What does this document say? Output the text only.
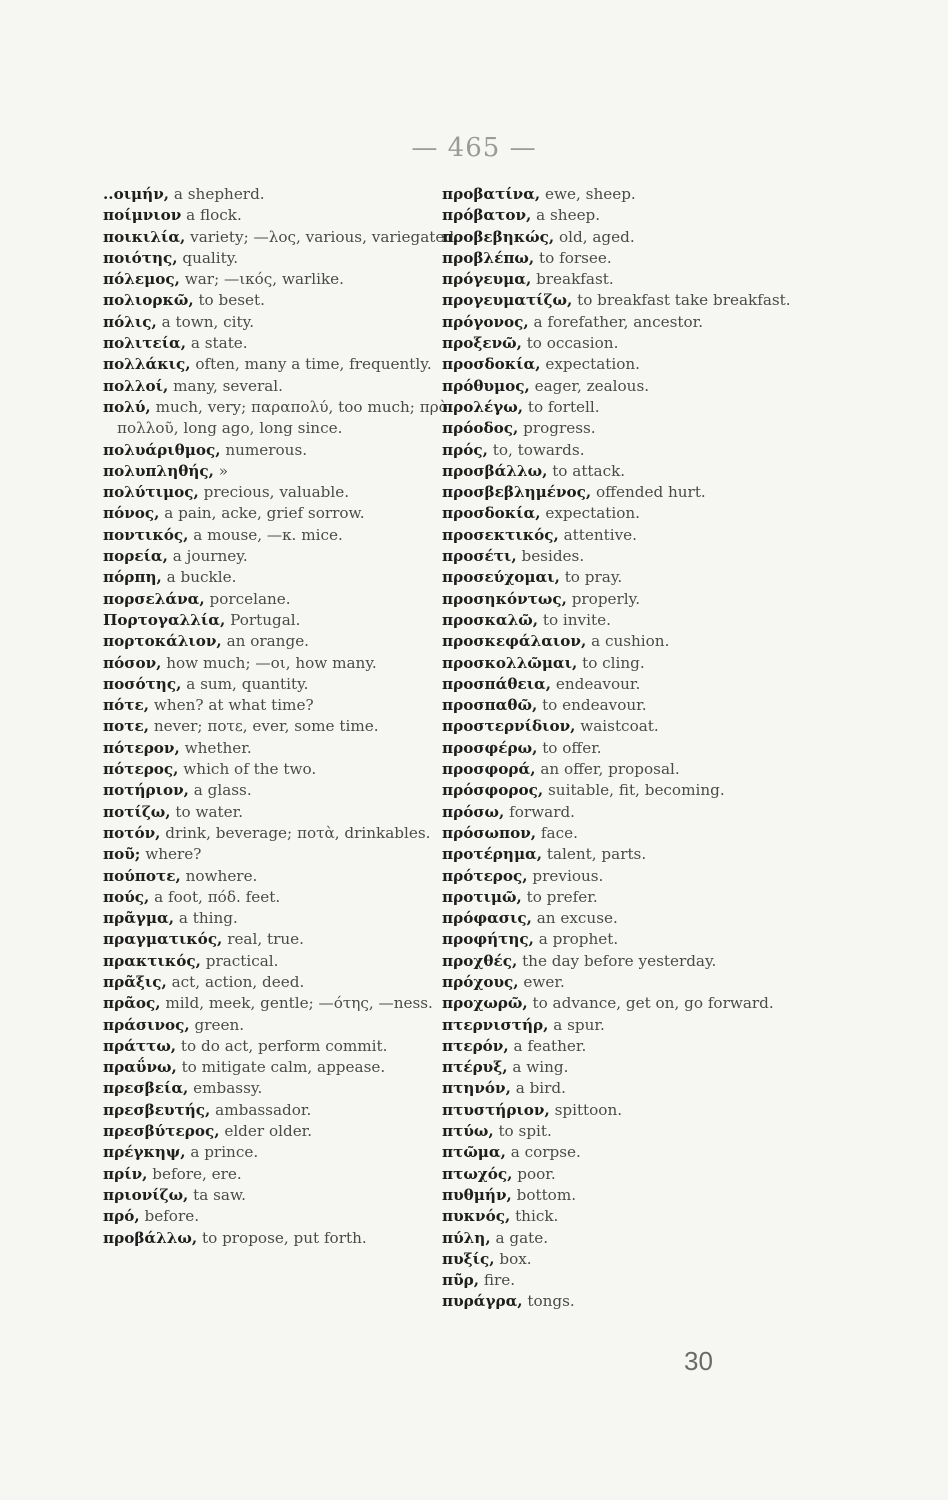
— 465 —

..οιμήν, a shepherd.

ποίμνιον a flock.

ποικιλία, variety; —λος, various, variegated.

ποιότης, quality.

πόλεμος, war; —ικός, warlike.

πολιορκῶ, to beset.

πόλις, a town, city.

πολιτεία, a state.

πολλάκις, often, many a time, frequently.

πολλοί, many, several.

πολύ, much, very; παραπολύ, too much; πρὸ πολλοῦ, long ago, long since.

πολυάριθμος, numerous.

πολυπληθής, »

πολύτιμος, precious, valuable.

πόνος, a pain, acke, grief sorrow.

ποντικός, a mouse, —κ. mice.

πορεία, a journey.

πόρπη, a buckle.

πορσελάνα, porcelane.

Πορτογαλλία, Portugal.

πορτοκάλιον, an orange.

πόσον, how much; —οι, how many.

ποσότης, a sum, quantity.

πότε, when? at what time?

ποτε, never; ποτε, ever, some time.

πότερον, whether.

πότερος, which of the two.

ποτήριον, a glass.

ποτίζω, to water.

ποτόν, drink, beverage; ποτὰ, drinkables.

ποῦ; where?

πούποτε, nowhere.

πούς, a foot, πόδ. feet.

πρᾶγμα, a thing.

πραγματικός, real, true.

πρακτικός, practical.

πρᾶξις, act, action, deed.

πρᾶος, mild, meek, gentle; —ότης, —ness.

πράσινος, green.

πράττω, to do act, perform commit.

πραΰνω, to mitigate calm, appease.

πρεσβεία, embassy.

πρεσβευτής, ambassador.

πρεσβύτερος, elder older.

πρέγκηψ, a prince.

πρίν, before, ere.

πριονίζω, ta saw.

πρό, before.

προβάλλω, to propose, put forth.

προβατίνα, ewe, sheep.

πρόβατον, a sheep.

προβεβηκώς, old, aged.

προβλέπω, to forsee.

πρόγευμα, breakfast.

προγευματίζω, to breakfast take breakfast.

πρόγονος, a forefather, ancestor.

προξενῶ, to occasion.

προσδοκία, expectation.

πρόθυμος, eager, zealous.

προλέγω, to fortell.

πρόοδος, progress.

πρός, to, towards.

προσβάλλω, to attack.

προσβεβλημένος, offended hurt.

προσδοκία, expectation.

προσεκτικός, attentive.

προσέτι, besides.

προσεύχομαι, to pray.

προσηκόντως, properly.

προσκαλῶ, to invite.

προσκεφάλαιον, a cushion.

προσκολλῶμαι, to cling.

προσπάθεια, endeavour.

προσπαθῶ, to endeavour.

προστερνίδιον, waistcoat.

προσφέρω, to offer.

προσφορά, an offer, proposal.

πρόσφορος, suitable, fit, becoming.

πρόσω, forward.

πρόσωπον, face.

προτέρημα, talent, parts.

πρότερος, previous.

προτιμῶ, to prefer.

πρόφασις, an excuse.

προφήτης, a prophet.

προχθές, the day before yesterday.

πρόχους, ewer.

προχωρῶ, to advance, get on, go forward.

πτερνιστήρ, a spur.

πτερόν, a feather.

πτέρυξ, a wing.

πτηνόν, a bird.

πτυστήριον, spittoon.

πτύω, to spit.

πτῶμα, a corpse.

πτωχός, poor.

πυθμήν, bottom.

πυκνός, thick.

πύλη, a gate.

πυξίς, box.

πῦρ, fire.

πυράγρα, tongs.

30
